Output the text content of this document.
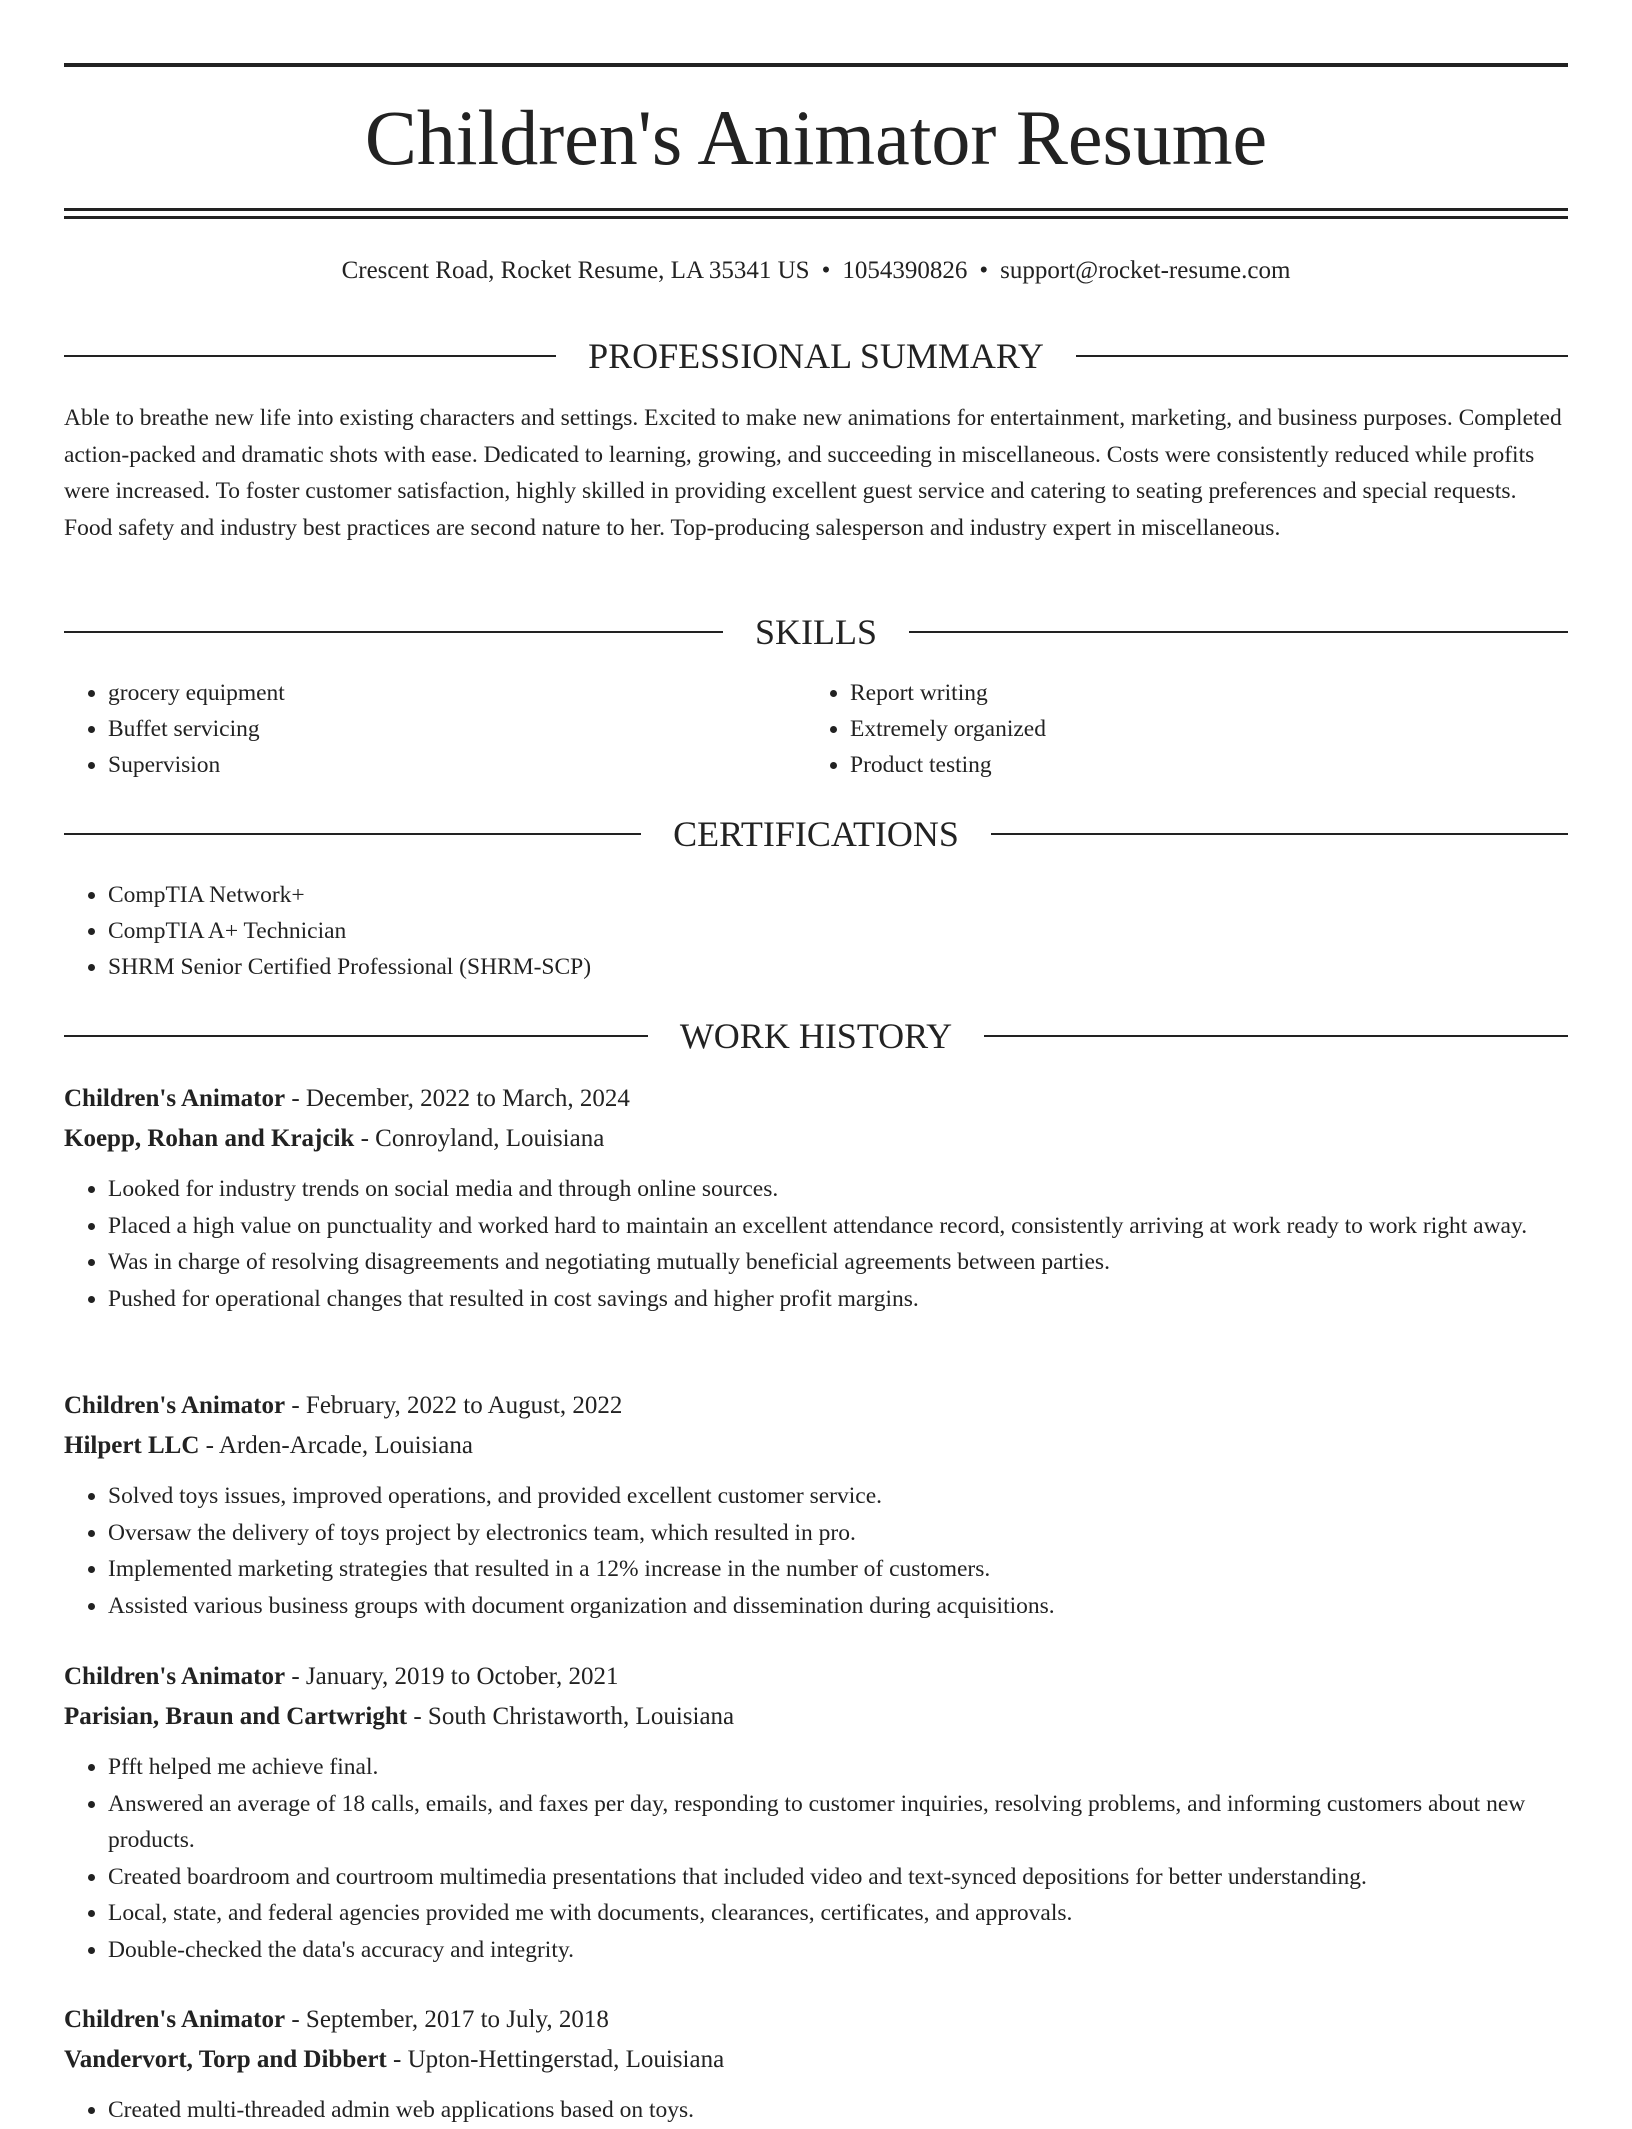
Children's Animator Resume
Crescent Road, Rocket Resume, LA 35341 US • 1054390826 • support@rocket-resume.com
PROFESSIONAL SUMMARY

Able to breathe new life into existing characters and settings. Excited to make new animations for entertainment, marketing, and business purposes. Completed action-packed and dramatic shots with ease. Dedicated to learning, growing, and succeeding in miscellaneous. Costs were consistently reduced while profits were increased. To foster customer satisfaction, highly skilled in providing excellent guest service and catering to seating preferences and special requests. Food safety and industry best practices are second nature to her. Top-producing salesperson and industry expert in miscellaneous.

SKILLS
• grocery equipment
• Buffet servicing
• Supervision
• Report writing
• Extremely organized
• Product testing
CERTIFICATIONS
• CompTIA Network+
• CompTIA A+ Technician
• SHRM Senior Certified Professional (SHRM-SCP)
WORK HISTORY
Children's Animator - December, 2022 to March, 2024
Koepp, Rohan and Krajcik - Conroyland, Louisiana
• Looked for industry trends on social media and through online sources.
• Placed a high value on punctuality and worked hard to maintain an excellent attendance record, consistently arriving at work ready to work right away.
• Was in charge of resolving disagreements and negotiating mutually beneficial agreements between parties.
• Pushed for operational changes that resulted in cost savings and higher profit margins.
Children's Animator - February, 2022 to August, 2022
Hilpert LLC - Arden-Arcade, Louisiana
• Solved toys issues, improved operations, and provided excellent customer service.
• Oversaw the delivery of toys project by electronics team, which resulted in pro.
• Implemented marketing strategies that resulted in a 12% increase in the number of customers.
• Assisted various business groups with document organization and dissemination during acquisitions.
Children's Animator - January, 2019 to October, 2021
Parisian, Braun and Cartwright - South Christaworth, Louisiana
• Pfft helped me achieve final.
• Answered an average of 18 calls, emails, and faxes per day, responding to customer inquiries, resolving problems, and informing customers about new products.
• Created boardroom and courtroom multimedia presentations that included video and text-synced depositions for better understanding.
• Local, state, and federal agencies provided me with documents, clearances, certificates, and approvals.
• Double-checked the data's accuracy and integrity.
Children's Animator - September, 2017 to July, 2018
Vandervort, Torp and Dibbert - Upton-Hettingerstad, Louisiana
• Created multi-threaded admin web applications based on toys.
